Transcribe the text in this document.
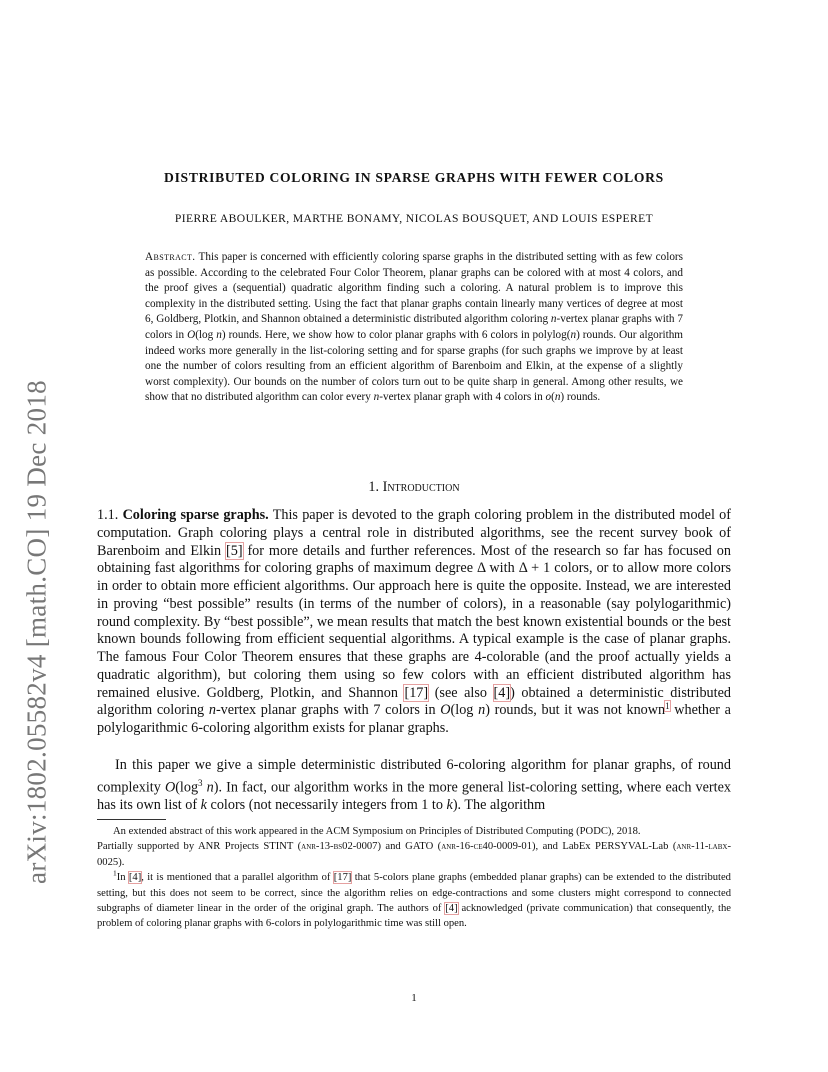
arXiv:1802.05582v4 [math.CO] 19 Dec 2018
DISTRIBUTED COLORING IN SPARSE GRAPHS WITH FEWER COLORS
PIERRE ABOULKER, MARTHE BONAMY, NICOLAS BOUSQUET, AND LOUIS ESPERET
Abstract. This paper is concerned with efficiently coloring sparse graphs in the distributed setting with as few colors as possible. According to the celebrated Four Color Theorem, planar graphs can be colored with at most 4 colors, and the proof gives a (sequential) quadratic algorithm finding such a coloring. A natural problem is to improve this complexity in the distributed setting. Using the fact that planar graphs contain linearly many vertices of degree at most 6, Goldberg, Plotkin, and Shannon obtained a deterministic distributed algorithm coloring n-vertex planar graphs with 7 colors in O(log n) rounds. Here, we show how to color planar graphs with 6 colors in polylog(n) rounds. Our algorithm indeed works more generally in the list-coloring setting and for sparse graphs (for such graphs we improve by at least one the number of colors resulting from an efficient algorithm of Barenboim and Elkin, at the expense of a slightly worst complexity). Our bounds on the number of colors turn out to be quite sharp in general. Among other results, we show that no distributed algorithm can color every n-vertex planar graph with 4 colors in o(n) rounds.
1. Introduction
1.1. Coloring sparse graphs. This paper is devoted to the graph coloring problem in the distributed model of computation. Graph coloring plays a central role in distributed algorithms, see the recent survey book of Barenboim and Elkin [5] for more details and further references. Most of the research so far has focused on obtaining fast algorithms for coloring graphs of maximum degree Δ with Δ + 1 colors, or to allow more colors in order to obtain more efficient algorithms. Our approach here is quite the opposite. Instead, we are interested in proving “best possible” results (in terms of the number of colors), in a reasonable (say polylogarithmic) round complexity. By “best possible”, we mean results that match the best known existential bounds or the best known bounds following from efficient sequential algorithms. A typical example is the case of planar graphs. The famous Four Color Theorem ensures that these graphs are 4-colorable (and the proof actually yields a quadratic algorithm), but coloring them using so few colors with an efficient distributed algorithm has remained elusive. Goldberg, Plotkin, and Shannon [17] (see also [4]) obtained a deterministic distributed algorithm coloring n-vertex planar graphs with 7 colors in O(log n) rounds, but it was not known$^1$ whether a polylogarithmic 6-coloring algorithm exists for planar graphs.
In this paper we give a simple deterministic distributed 6-coloring algorithm for planar graphs, of round complexity $O(\log^3$ n). In fact, our algorithm works in the more general list-coloring setting, where each vertex has its own list of k colors (not necessarily integers from 1 to k). The algorithm

An extended abstract of this work appeared in the ACM Symposium on Principles of Distributed Computing (PODC), 2018.

Partially supported by ANR Projects STINT (anr-13-bs02-0007) and GATO (anr-16-ce40-0009-01), and LabEx PERSYVAL-Lab (anr-11-labx-0025).

$^1$In [4], it is mentioned that a parallel algorithm of [17] that 5-colors plane graphs (embedded planar graphs) can be extended to the distributed setting, but this does not seem to be correct, since the algorithm relies on edge-contractions and some clusters might correspond to connected subgraphs of diameter linear in the order of the original graph. The authors of [4] acknowledged (private communication) that consequently, the problem of coloring planar graphs with 6-colors in polylogarithmic time was still open.

1
